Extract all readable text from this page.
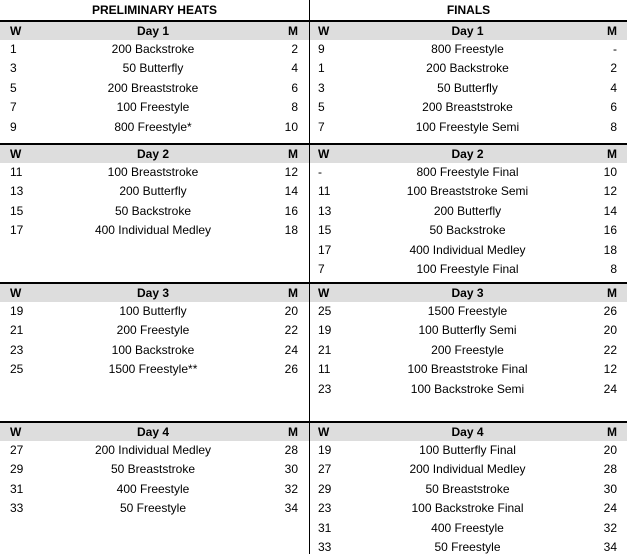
PRELIMINARY HEATS
W	Day 1	M
1	200 Backstroke	2
3	50 Butterfly	4
5	200 Breaststroke	6
7	100 Freestyle	8
9	800 Freestyle*	10
W	Day 2	M
11	100 Breaststroke	12
13	200 Butterfly	14
15	50 Backstroke	16
17	400 Individual Medley	18
W	Day 3	M
19	100 Butterfly	20
21	200 Freestyle	22
23	100 Backstroke	24
25	1500 Freestyle**	26
W	Day 4	M
27	200 Individual Medley	28
29	50 Breaststroke	30
31	400 Freestyle	32
33	50 Freestyle	34
FINALS
W	Day 1	M
9	800 Freestyle	-
1	200 Backstroke	2
3	50 Butterfly	4
5	200 Breaststroke	6
7	100 Freestyle Semi	8
W	Day 2	M
-	800 Freestyle Final	10
11	100 Breaststroke Semi	12
13	200 Butterfly	14
15	50 Backstroke	16
17	400 Individual Medley	18
7	100 Freestyle Final	8
W	Day 3	M
25	1500 Freestyle	26
19	100 Butterfly Semi	20
21	200 Freestyle	22
11	100 Breaststroke Final	12
23	100 Backstroke Semi	24
W	Day 4	M
19	100 Butterfly Final	20
27	200 Individual Medley	28
29	50 Breaststroke	30
23	100 Backstroke Final	24
31	400 Freestyle	32
33	50 Freestyle	34
